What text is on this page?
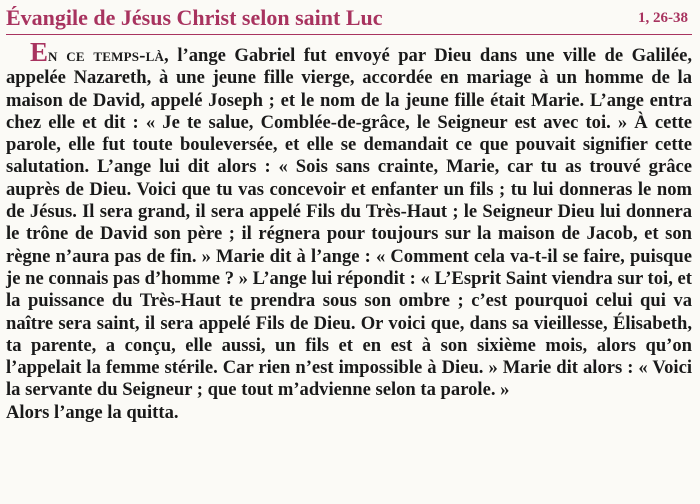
Évangile de Jésus Christ selon saint Luc	1, 26-38
En ce temps-là, l’ange Gabriel fut envoyé par Dieu dans une ville de Galilée, appelée Nazareth, à une jeune fille vierge, accordée en mariage à un homme de la maison de David, appelé Joseph ; et le nom de la jeune fille était Marie. L’ange entra chez elle et dit : « Je te salue, Comblée-de-grâce, le Seigneur est avec toi. » À cette parole, elle fut toute bouleversée, et elle se demandait ce que pouvait signifier cette salutation. L’ange lui dit alors : « Sois sans crainte, Marie, car tu as trouvé grâce auprès de Dieu. Voici que tu vas concevoir et enfanter un fils ; tu lui donneras le nom de Jésus. Il sera grand, il sera appelé Fils du Très-Haut ; le Seigneur Dieu lui donnera le trône de David son père ; il régnera pour toujours sur la maison de Jacob, et son règne n’aura pas de fin. » Marie dit à l’ange : « Comment cela va-t-il se faire, puisque je ne connais pas d’homme ? » L’ange lui répondit : « L’Esprit Saint viendra sur toi, et la puissance du Très-Haut te prendra sous son ombre ; c’est pourquoi celui qui va naître sera saint, il sera appelé Fils de Dieu. Or voici que, dans sa vieillesse, Élisabeth, ta parente, a conçu, elle aussi, un fils et en est à son sixième mois, alors qu’on l’appelait la femme stérile. Car rien n’est impossible à Dieu. » Marie dit alors : « Voici la servante du Seigneur ; que tout m’advienne selon ta parole. »
Alors l’ange la quitta.
